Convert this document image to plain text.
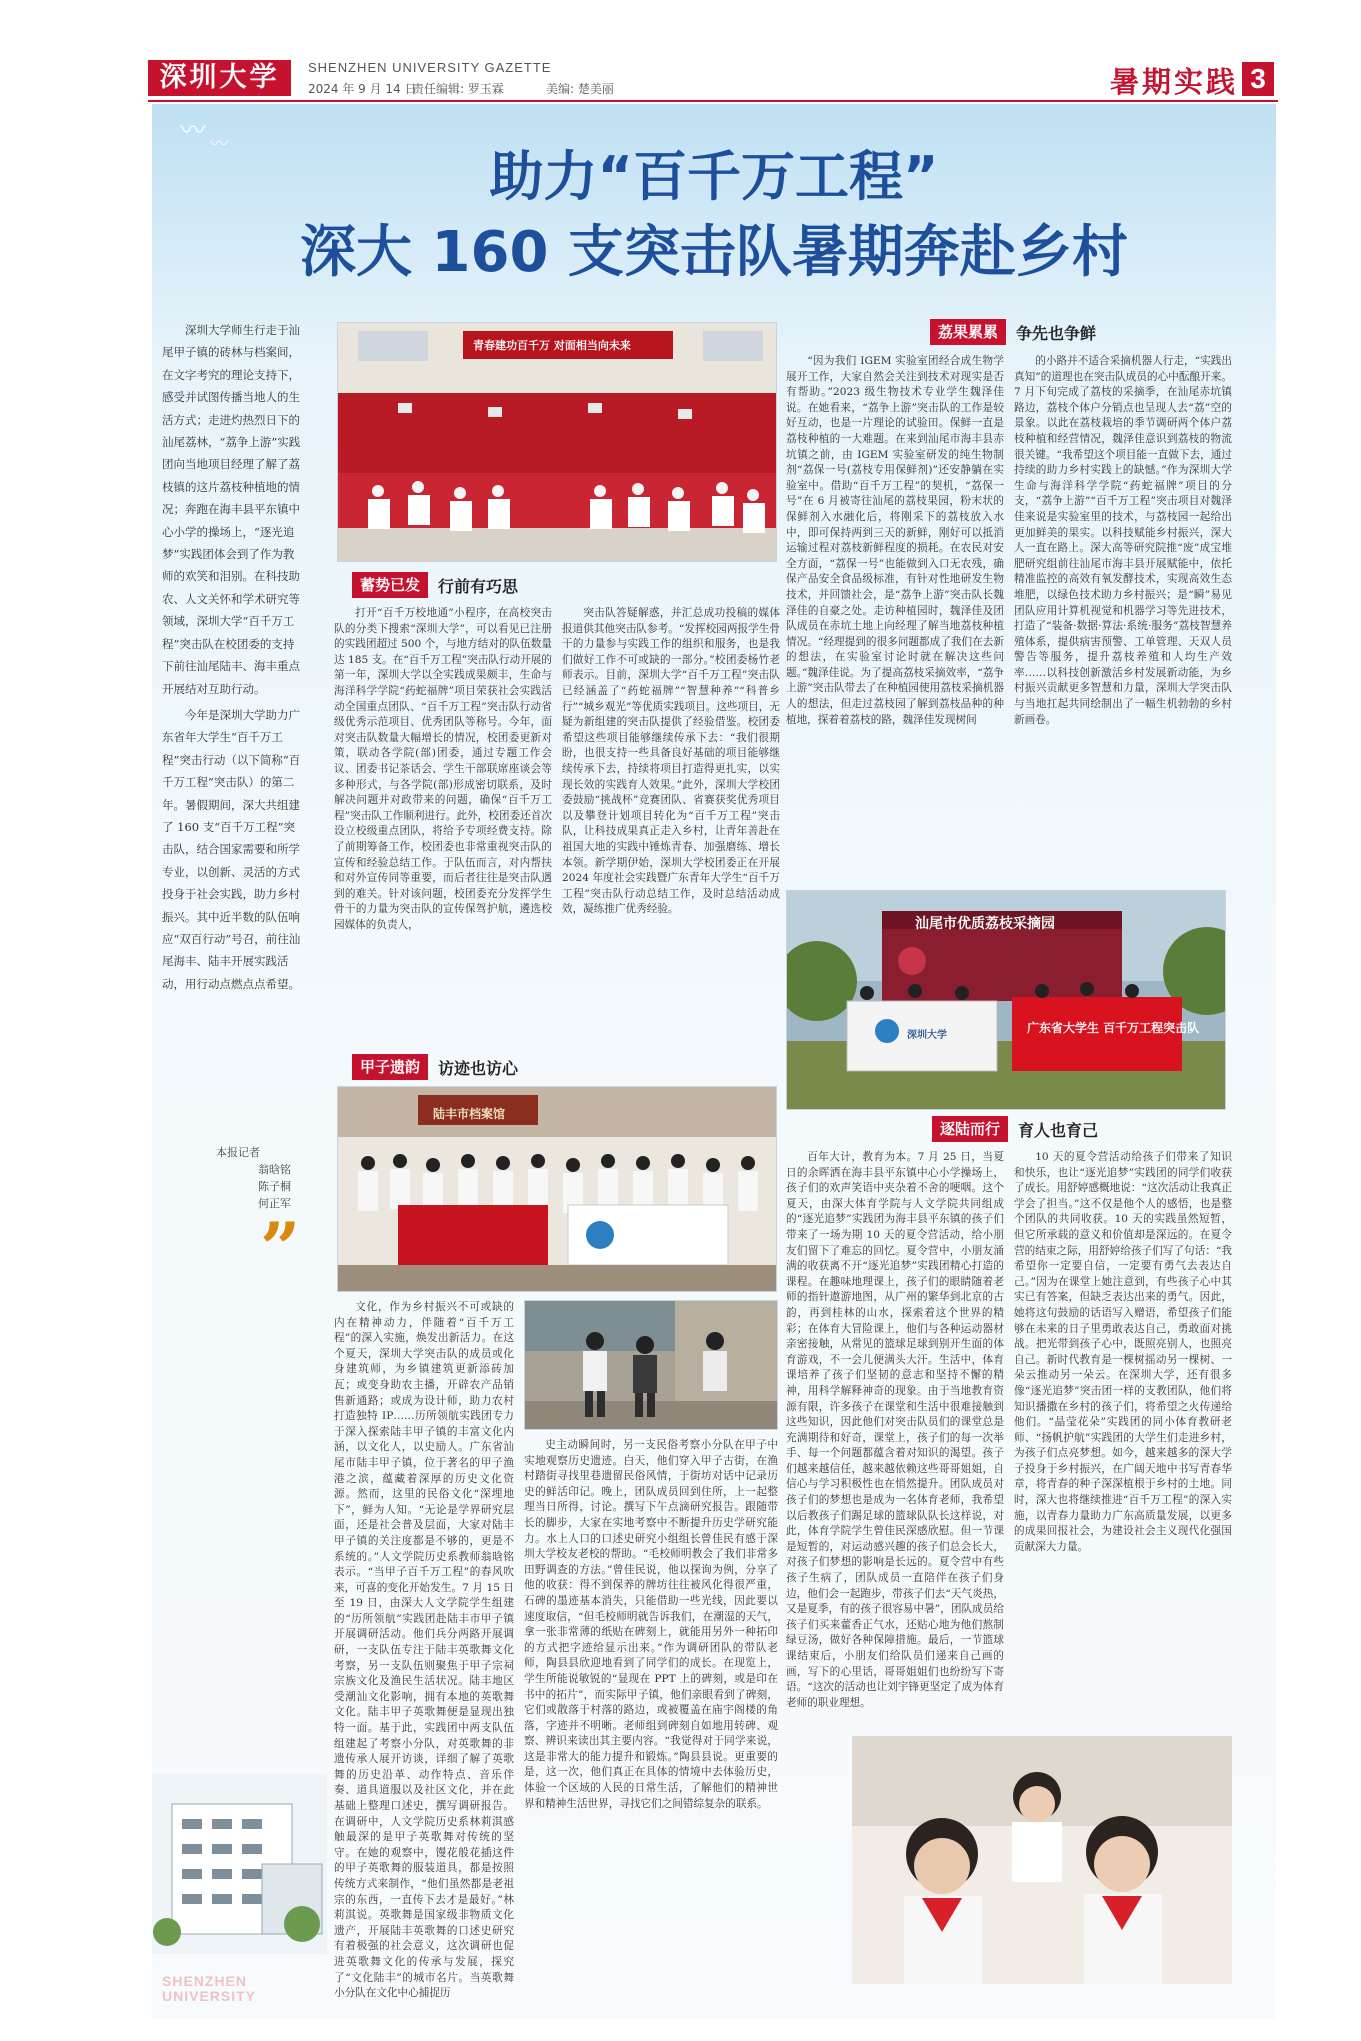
深圳大学	SHENZHEN UNIVERSITY GAZETTE
2024 年 9 月 14 日
责任编辑: 罗玉霖	美编: 楚美丽	暑期实践 3
〰 〰
助力“百千万工程”
深大 160 支突击队暑期奔赴乡村

深圳大学师生行走于汕尾甲子镇的砖林与档案间，在文字考究的理论支持下，感受并试图传播当地人的生活方式；走进灼热烈日下的汕尾荔林，“荔争上游”实践团向当地项目经理了解了荔枝镇的这片荔枝种植地的情况；奔跑在海丰县平东镇中心小学的操场上，“逐光追梦”实践团体会到了作为教师的欢笑和泪别。在科技助农、人文关怀和学术研究等领域，深圳大学“百千万工程”突击队在校团委的支持下前往汕尾陆丰、海丰重点开展结对互助行动。

今年是深圳大学助力广东省年大学生“百千万工程”突击行动（以下简称“百千万工程”突击队）的第二年。暑假期间，深大共组建了 160 支“百千万工程”突击队，结合国家需要和所学专业，以创新、灵活的方式投身于社会实践，助力乡村振兴。其中近半数的队伍响应“双百行动”号召，前往汕尾海丰、陆丰开展实践活动，用行动点燃点点希望。

本报记者
翁晗铭
陈子桐
何正军
”
青春建功百千万 对面相当向未来
蓄势已发	行前有巧思

打开“百千万校地通”小程序，在高校突击队的分类下搜索“深圳大学”，可以看见已注册的实践团超过 500 个，与地方结对的队伍数量达 185 支。在“百千万工程”突击队行动开展的第一年，深圳大学以全实践成果颇丰，生命与海洋科学学院“药蛇福牌”项目荣获社会实践活动全国重点团队、“百千万工程”突击队行动省级优秀示范项目、优秀团队等称号。今年，面对突击队数量大幅增长的情况，校团委更新对策，联动各学院(部)团委，通过专题工作会议、团委书记茶话会、学生干部联席座谈会等多种形式，与各学院(部)形成密切联系，及时解决问题并对政带来的问题，确保“百千万工程”突击队工作顺利进行。此外，校团委还首次设立校级重点团队，将给予专项经费支持。除了前期筹备工作，校团委也非常重视突击队的宣传和经验总结工作。于队伍而言，对内帮扶和对外宣传同等重要，而后者往往是突击队遇到的难关。针对该问题，校团委充分发挥学生骨干的力量为突击队的宣传保驾护航，遴选校园媒体的负责人，

突击队答疑解惑，并汇总成功投稿的媒体报道供其他突击队参考。“发挥校园两报学生骨干的力量参与实践工作的组织和服务，也是我们做好工作不可或缺的一部分。”校团委杨竹老师表示。目前，深圳大学“百千万工程”突击队已经涵盖了“药蛇福牌”“智慧种养”“科普乡行”“城乡观光”等优质实践项目。这些项目，无疑为新组建的突击队提供了经验借鉴。校团委希望这些项目能够继续传承下去：“我们很期盼，也很支持一些具备良好基础的项目能够继续传承下去，持续将项目打造得更扎实，以实现长效的实践育人效果。”此外，深圳大学校团委鼓励“挑战杯”竞赛团队、省赛获奖优秀项目以及攀登计划项目转化为“百千万工程”突击队，让科技成果真正走入乡村，让青年善赴在祖国大地的实践中锤炼青春、加强磨练、增长本领。新学期伊始，深圳大学校团委正在开展 2024 年度社会实践暨广东青年大学生“百千万工程”突击队行动总结工作，及时总结活动成效，凝练推广优秀经验。

甲子遗韵	访迹也访心
陆丰市档案馆

文化，作为乡村振兴不可或缺的内在精神动力，伴随着“百千万工程”的深入实施，焕发出新活力。在这个夏天，深圳大学突击队的成员或化身建筑师，为乡镇建筑更新添砖加瓦；或变身助农主播，开辟农产品销售新通路；或成为设计师，助力农村打造独特 IP……历所领航实践团专力于深入探索陆丰甲子镇的丰富文化内涵，以文化人，以史励人。广东省汕尾市陆丰甲子镇，位于著名的甲子渔港之滨，蕴藏着深厚的历史文化资源。然而，这里的民俗文化“深埋地下”，鲜为人知。“无论是学界研究层面，还是社会普及层面，大家对陆丰甲子镇的关注度都是不够的，更是不系统的。”人文学院历史系教师翁晗铭表示。“当甲子百千万工程”的春风吹来，可喜的变化开始发生。7 月 15 日至 19 日，由深大人文学院学生组建的“历所领航”实践团赴陆丰市甲子镇开展调研活动。他们兵分两路开展调研，一支队伍专注于陆丰英歌舞文化考察，另一支队伍则聚焦于甲子宗祠宗族文化及渔民生活状况。陆丰地区受潮汕文化影响，拥有本地的英歌舞文化。陆丰甲子英歌舞便是显现出独特一面。基于此，实践团中两支队伍组建起了考察小分队，对英歌舞的非遗传承人展开访谈，详细了解了英歌舞的历史沿革、动作特点、音乐伴奏、道具道服以及社区文化，并在此基础上整理口述史，撰写调研报告。在调研中，人文学院历史系林莉淇感触最深的是甲子英歌舞对传统的坚守。在她的观察中，馒花般花插这件的甲子英歌舞的服装道具，都是按照传统方式来制作，“他们虽然都是老祖宗的东西，一直传下去才是最好。”林莉淇说。英歌舞是国家级非物质文化遗产，开展陆丰英歌舞的口述史研究有着极强的社会意义，这次调研也促进英歌舞文化的传承与发展，探究了“文化陆丰”的城市名片。当英歌舞小分队在文化中心捕捉历

史主动瞬间时，另一支民俗考察小分队在甲子中实地观察历史遗迹。白天，他们穿入甲子古街，在渔村踏街寻找里巷遗留民俗风情，于街坊对话中记录历史的鲜活印记。晚上，团队成员回到住所，上一起整理当日所得，讨论。撰写下午点滴研究报告。跟随带长的脚步，大家在实地考察中不断提升历史学研究能力。水上人口的口述史研究小组组长曾佳民有感于深圳大学校友老校的帮助。“毛校师明教会了我们非常多田野调查的方法。”曾佳民说，他以探询为例，分享了他的收获：得不到保养的牌坊往往被风化得很严重，石碑的墨迹基本消失，只能借助一些光线，因此要以速度取信，“但毛校师明就告诉我们，在潮湿的天气，拿一张非常薄的纸贴在碑刻上，就能用另外一种拓印的方式把字迹给显示出来。”作为调研团队的带队老师，陶县县欣迎地看到了同学们的成长。在现览上，学生所能说敏锐的“显现在 PPT 上的碑刻，或是印在书中的拓片”，而实际甲子镇，他们亲眼看到了碑刻，它们或散落于村落的路边，或被覆盖在庙宇阁楼的角落，字迹并不明晰。老师组到碑刻自如地用转碑、观察、辨识来读出其主要内容。“我觉得对于同学来说，这是非常大的能力提升和锻炼。”陶县县说。更重要的是，这一次，他们真正在具体的情境中去体验历史，体验一个区域的人民的日常生活，了解他们的精神世界和精神生活世界，寻找它们之间错综复杂的联系。

荔果累累	争先也争鲜

“因为我们 IGEM 实验室团经合成生物学展开工作，大家自然会关注到技术对现实是否有帮助。”2023 级生物技术专业学生魏泽佳说。在她看来，“荔争上游”突击队的工作是较好互动，也是一片理论的试验田。保鲜一直是荔枝种植的一大难题。在来到汕尾市海丰县赤坑镇之前，由 IGEM 实验室研发的纯生物制剂“荔保一号(荔枝专用保鲜剂)”还安静躺在实验室中。借助“百千万工程”的契机，“荔保一号”在 6 月被寄往汕尾的荔枝果园，粉末状的保鲜剂入水融化后，将刚采下的荔枝放入水中，即可保持两到三天的新鲜，刚好可以抵消运输过程对荔枝新鲜程度的损耗。在农民对安全方面，“荔保一号”也能做到入口无农残，确保产品安全食品级标准，有针对性地研发生物技术，并回馈社会，是“荔争上游”突击队长魏泽佳的自豪之处。走访种植园时，魏泽佳及团队成员在赤坑土地上向经理了解当地荔枝种植情况。“经理提到的很多问题都成了我们在去新的想法，在实验室讨论时就在解决这些问题。”魏泽佳说。为了提高荔枝采摘效率，“荔争上游”突击队带去了在种植园使用荔枝采摘机器人的想法，但走过荔枝园了解到荔枝品种的种植地，探着着荔枝的路，魏泽佳发现树间

的小路并不适合采摘机器人行走，“实践出真知”的道理也在突击队成员的心中酝酿开来。7 月下旬完成了荔枝的采摘季，在汕尾赤坑镇路边，荔枝个体户分销点也呈现人去“荔”空的景象。以此在荔枝栽培的季节调研两个体户荔枝种植和经营情况，魏泽佳意识到荔枝的物流很关键。“我希望这个项目能一直做下去，通过持续的助力乡村实践上的缺憾。”作为深圳大学生命与海洋科学学院“药蛇福牌”项目的分支，“荔争上游”“百千万工程”突击项目对魏泽佳来说是实验室里的技术，与荔枝园一起给出更加鲜美的果实。以科技赋能乡村振兴，深大人一直在路上。深大高等研究院推“废”成宝堆肥研究组前往汕尾市海丰县开展赋能中，依托精准监控的高效有氧发酵技术，实现高效生态堆肥，以绿色技术助力乡村振兴；是“瞬”易见团队应用计算机视觉和机器学习等先进技术，打造了“装备·数据·算法·系统·服务”荔枝智慧养殖体系，提供病害预警、工单管理、天双人员警告等服务，提升荔枝养殖和人均生产效率……以科技创新激活乡村发展新动能，为乡村振兴贡献更多智慧和力量，深圳大学突击队与当地扛起共同绘制出了一幅生机勃勃的乡村新画卷。

汕尾市优质荔枝采摘园
广东省大学生 百千万工程突击队
深圳大学
逐陆而行	育人也育己

百年大计，教育为本。7 月 25 日，当夏日的余晖洒在海丰县平东镇中心小学操场上，孩子们的欢声笑语中夹杂着不舍的哽咽。这个夏天，由深大体育学院与人文学院共同组成的“逐光追梦”实践团为海丰县平东镇的孩子们带来了一场为期 10 天的夏令营活动，给小朋友们留下了难忘的回忆。夏令营中，小朋友涌满的收获离不开“逐光追梦”实践团精心打造的课程。在趣味地理课上，孩子们的眼睛随着老师的指针遨游地图，从广州的繁华到北京的古韵，再到桂林的山水，探索着这个世界的精彩；在体育大冒险课上，他们与各种运动器材亲密接触，从常见的篮球足球到别开生面的体育游戏，不一会儿便满头大汗。生活中，体育课培养了孩子们坚韧的意志和坚持不懈的精神，用科学解释神奇的现象。由于当地教育资源有限，许多孩子在课堂和生活中很难接触到这些知识，因此他们对突击队员们的课堂总是充满期待和好奇，课堂上，孩子们的每一次举手、每一个问题都蕴含着对知识的渴望。孩子们越来越信任，越来越依赖这些哥哥姐姐，自信心与学习积极性也在悄然提升。团队成员对孩子们的梦想也是成为一名体育老师，我希望以后教孩子们踢足球的篮球队队长这样说，对此，体育学院学生曾佳民深感欣慰。但一节课是短暂的，对运动感兴趣的孩子们总会长大，对孩子们梦想的影响是长远的。夏令营中有些孩子生病了，团队成员一直陪伴在孩子们身边，他们会一起跑步，带孩子们去“天气炎热，又是夏季，有的孩子很容易中暑”，团队成员给孩子们买来藿香正气水，还贴心地为他们熬制绿豆汤，做好各种保障措施。最后，一节篮球课结束后，小朋友们给队员们递来自己画的画，写下的心里话，哥哥姐姐们也纷纷写下寄语。“这次的活动也让刘宇锋更坚定了成为体育老师的职业理想。

10 天的夏令营活动给孩子们带来了知识和快乐，也让“逐光追梦”实践团的同学们收获了成长。用舒婷感概地说：“这次活动让我真正学会了担当。”这不仅是他个人的感悟，也是整个团队的共同收获。10 天的实践虽然短暂，但它所承载的意义和价值却是深远的。在夏令营的结束之际，用舒婷给孩子们写了句话：“我希望你一定要自信，一定要有勇气去表达自己。”因为在课堂上她注意到，有些孩子心中其实已有答案，但缺乏表达出来的勇气。因此，她将这句鼓励的话语写入赠语，希望孩子们能够在未来的日子里勇敢表达自己，勇敢面对挑战。把光带到孩子心中，既照亮别人，也照亮自己。新时代教育是一棵树摇动另一棵树、一朵云推动另一朵云。在深圳大学，还有很多像“逐光追梦”突击团一样的支教团队，他们将知识播撒在乡村的孩子们，将希望之火传递给他们。“晶莹花朵”实践团的同小体育教研老师、“扬帆护航”实践团的大学生们走进乡村，为孩子们点亮梦想。如今，越来越多的深大学子投身于乡村振兴，在广阔天地中书写青春华章，将青春的种子深深植根于乡村的土地。同时，深大也将继续推进“百千万工程”的深入实施，以青春力量助力广东高质量发展，以更多的成果回报社会，为建设社会主义现代化强国贡献深大力量。

SHENZHEN
UNIVERSITY
